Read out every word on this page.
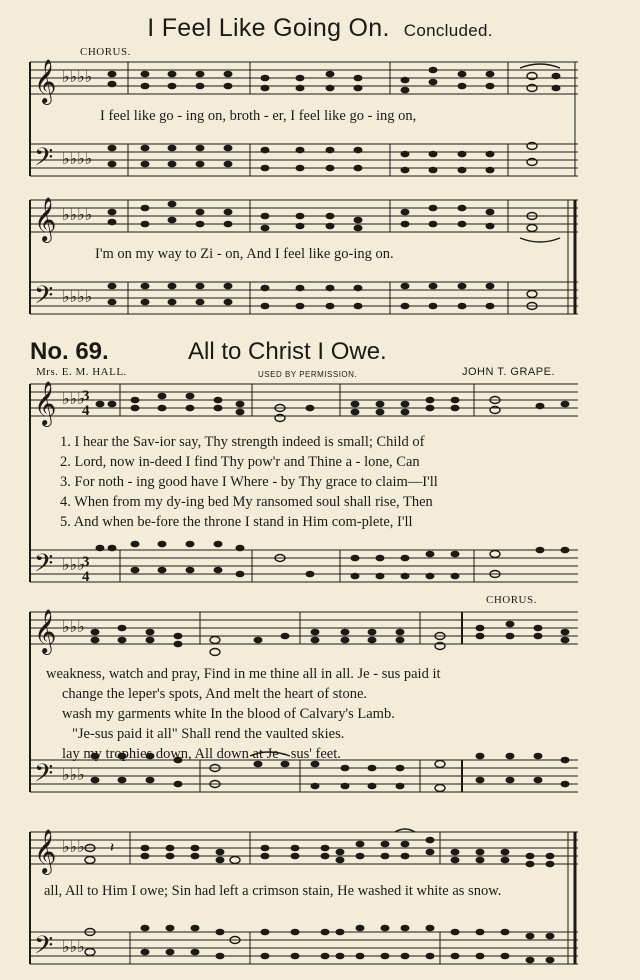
I Feel Like Going On. Concluded.
CHORUS.
𝄞
𝄢
♭♭♭♭
♭♭♭♭
I feel like go - ing on, broth - er, I feel like go - ing on,
𝄞
𝄢
♭♭♭♭
♭♭♭♭
I'm on my way to Zi - on, And I feel like go-ing on.
No. 69.	All to Christ I Owe.
Mrs. E. M. HALL.	USED BY PERMISSION.	JOHN T. GRAPE.
𝄞
𝄢
♭♭♭
♭♭♭
3
4
3
4
1. I hear the Sav-ior say, Thy strength indeed is small; Child of
2. Lord, now in-deed I find Thy pow'r and Thine a - lone, Can
3. For noth - ing good have I Where - by Thy grace to claim—I'll
4. When from my dy-ing bed My ransomed soul shall rise, Then
5. And when be-fore the throne I stand in Him com-plete, I'll
CHORUS.
𝄞
𝄢
♭♭♭
♭♭♭
weakness, watch and pray, Find in me thine all in all. Je - sus paid it
change the leper's spots, And melt the heart of stone.
wash my garments white In the blood of Calvary's Lamb.
"Je-sus paid it all" Shall rend the vaulted skies.
lay my trophies down, All down at Je - sus' feet.
𝄞
𝄢
♭♭♭
♭♭♭
𝄽
all, All to Him I owe; Sin had left a crimson stain, He washed it white as snow.
